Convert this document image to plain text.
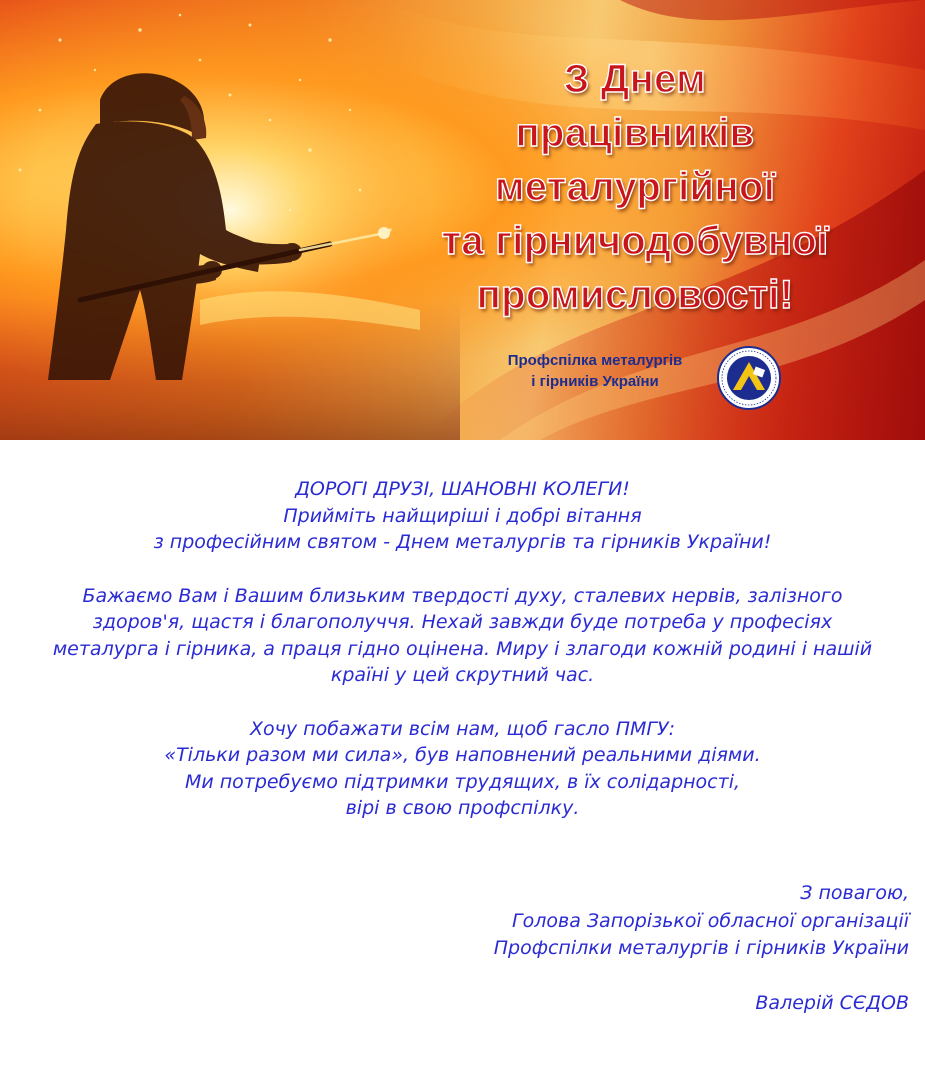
З Днем
працівників
металургійної
та гірничодобувної
промисловості!
Профспілка металургів
і гірників України

ДОРОГІ ДРУЗІ, ШАНОВНІ КОЛЕГИ!
Прийміть найщиріші і добрі вітання
з професійним святом - Днем металургів та гірників України!

Бажаємо Вам і Вашим близьким твердості духу, сталевих нервів, залізного
здоров'я, щастя і благополуччя. Нехай завжди буде потреба у професіях
металурга і гірника, а праця гідно оцінена. Миру і злагоди кожній родині і нашій
країні у цей скрутний час.

Хочу побажати всім нам, щоб гасло ПМГУ:
«Тільки разом ми сила», був наповнений реальними діями.
Ми потребуємо підтримки трудящих, в їх солідарності,
вірі в свою профспілку.

З повагою,
Голова Запорізької обласної організації
Профспілки металургів і гірників України
Валерій СЄДОВ
